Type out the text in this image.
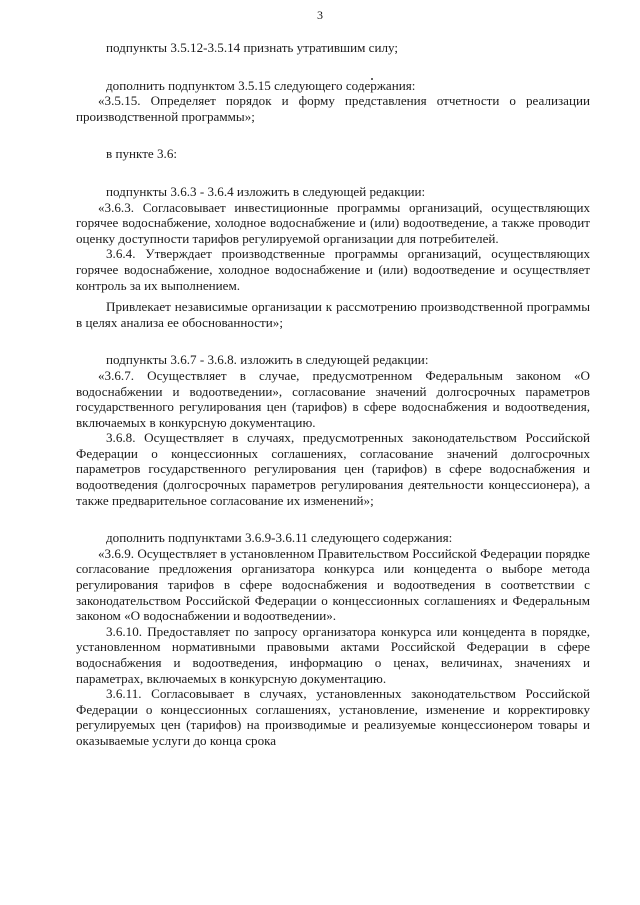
3

подпункты 3.5.12-3.5.14 признать утратившим силу;

дополнить подпунктом 3.5.15 следующего содержания:

«3.5.15. Определяет порядок и форму представления отчетности о реализации производственной программы»;

в пункте 3.6:

подпункты 3.6.3 - 3.6.4 изложить в следующей редакции:

«3.6.3. Согласовывает инвестиционные программы организаций, осуществляющих горячее водоснабжение, холодное водоснабжение и (или) водоотведение, а также проводит оценку доступности тарифов регулируемой организации для потребителей.

3.6.4. Утверждает производственные программы организаций, осуществляющих горячее водоснабжение, холодное водоснабжение и (или) водоотведение и осуществляет контроль за их выполнением.

Привлекает независимые организации к рассмотрению производственной программы в целях анализа ее обоснованности»;

подпункты 3.6.7 - 3.6.8. изложить в следующей редакции:

«3.6.7. Осуществляет в случае, предусмотренном Федеральным законом «О водоснабжении и водоотведении», согласование значений долгосрочных параметров государственного регулирования цен (тарифов) в сфере водоснабжения и водоотведения, включаемых в конкурсную документацию.

3.6.8. Осуществляет в случаях, предусмотренных законодательством Российской Федерации о концессионных соглашениях, согласование значений долгосрочных параметров государственного регулирования цен (тарифов) в сфере водоснабжения и водоотведения (долгосрочных параметров регулирования деятельности концессионера), а также предварительное согласование их изменений»;

дополнить подпунктами 3.6.9-3.6.11 следующего содержания:

«3.6.9. Осуществляет в установленном Правительством Российской Федерации порядке согласование предложения организатора конкурса или концедента о выборе метода регулирования тарифов в сфере водоснабжения и водоотведения в соответствии с законодательством Российской Федерации о концессионных соглашениях и Федеральным законом «О водоснабжении и водоотведении».

3.6.10. Предоставляет по запросу организатора конкурса или концедента в порядке, установленном нормативными правовыми актами Российской Федерации в сфере водоснабжения и водоотведения, информацию о ценах, величинах, значениях и параметрах, включаемых в конкурсную документацию.

3.6.11. Согласовывает в случаях, установленных законодательством Российской Федерации о концессионных соглашениях, установление, изменение и корректировку регулируемых цен (тарифов) на производимые и реализуемые концессионером товары и оказываемые услуги до конца срока
